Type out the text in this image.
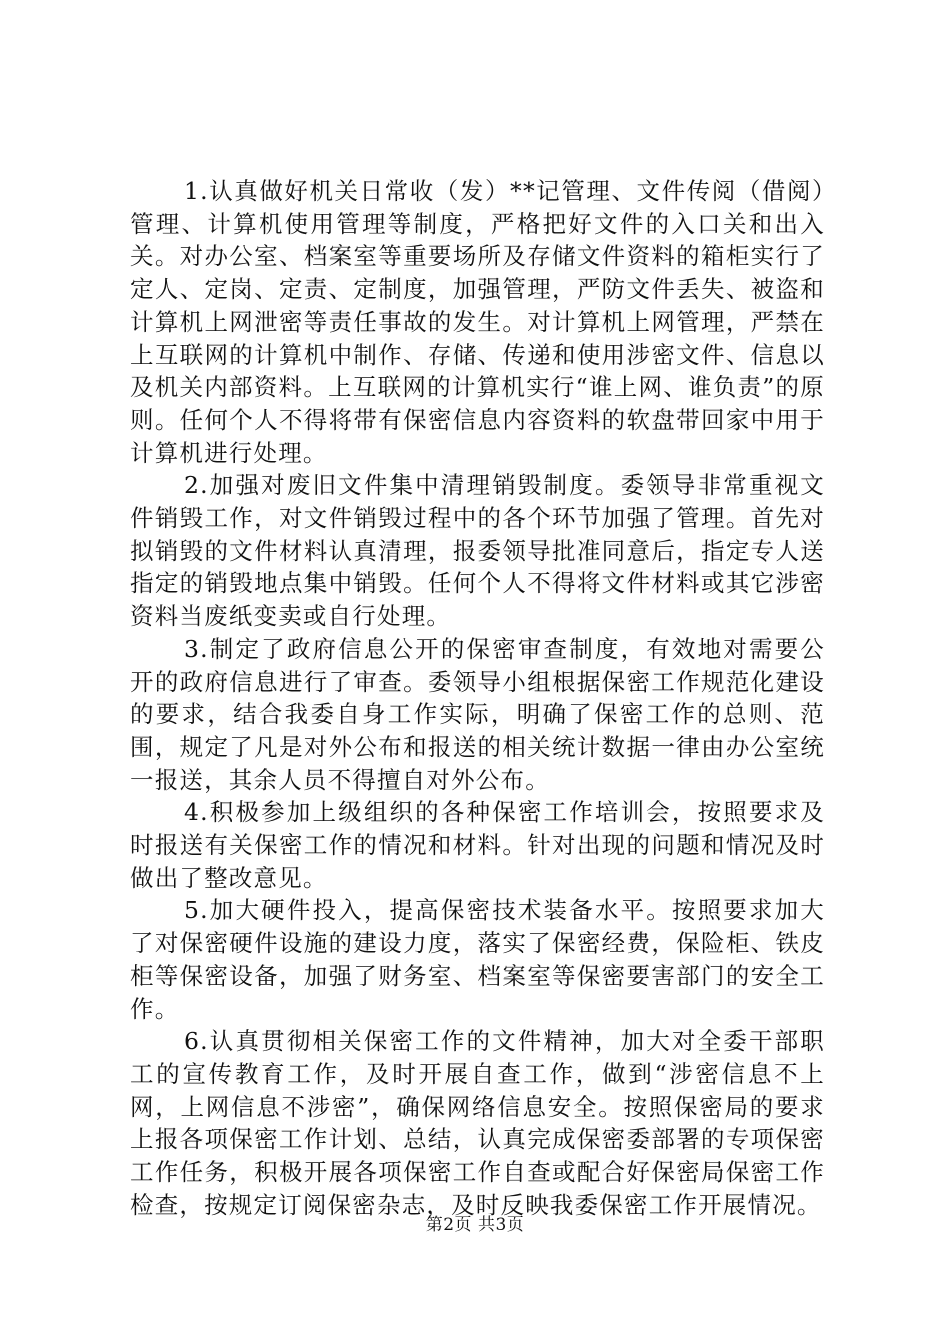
1.认真做好机关日常收（发）**记管理、文件传阅（借阅）管理、计算机使用管理等制度，严格把好文件的入口关和出入关。对办公室、档案室等重要场所及存储文件资料的箱柜实行了定人、定岗、定责、定制度，加强管理，严防文件丢失、被盗和计算机上网泄密等责任事故的发生。对计算机上网管理，严禁在上互联网的计算机中制作、存储、传递和使用涉密文件、信息以及机关内部资料。上互联网的计算机实行“谁上网、谁负责”的原则。任何个人不得将带有保密信息内容资料的软盘带回家中用于计算机进行处理。

2.加强对废旧文件集中清理销毁制度。委领导非常重视文件销毁工作，对文件销毁过程中的各个环节加强了管理。首先对拟销毁的文件材料认真清理，报委领导批准同意后，指定专人送指定的销毁地点集中销毁。任何个人不得将文件材料或其它涉密资料当废纸变卖或自行处理。

3.制定了政府信息公开的保密审查制度，有效地对需要公开的政府信息进行了审查。委领导小组根据保密工作规范化建设的要求，结合我委自身工作实际，明确了保密工作的总则、范围，规定了凡是对外公布和报送的相关统计数据一律由办公室统一报送，其余人员不得擅自对外公布。

4.积极参加上级组织的各种保密工作培训会，按照要求及时报送有关保密工作的情况和材料。针对出现的问题和情况及时做出了整改意见。

5.加大硬件投入，提高保密技术装备水平。按照要求加大了对保密硬件设施的建设力度，落实了保密经费，保险柜、铁皮柜等保密设备，加强了财务室、档案室等保密要害部门的安全工作。

6.认真贯彻相关保密工作的文件精神，加大对全委干部职工的宣传教育工作，及时开展自查工作，做到“涉密信息不上网，上网信息不涉密”，确保网络信息安全。按照保密局的要求上报各项保密工作计划、总结，认真完成保密委部署的专项保密工作任务，积极开展各项保密工作自查或配合好保密局保密工作检查，按规定订阅保密杂志，及时反映我委保密工作开展情况。

第2页 共3页
